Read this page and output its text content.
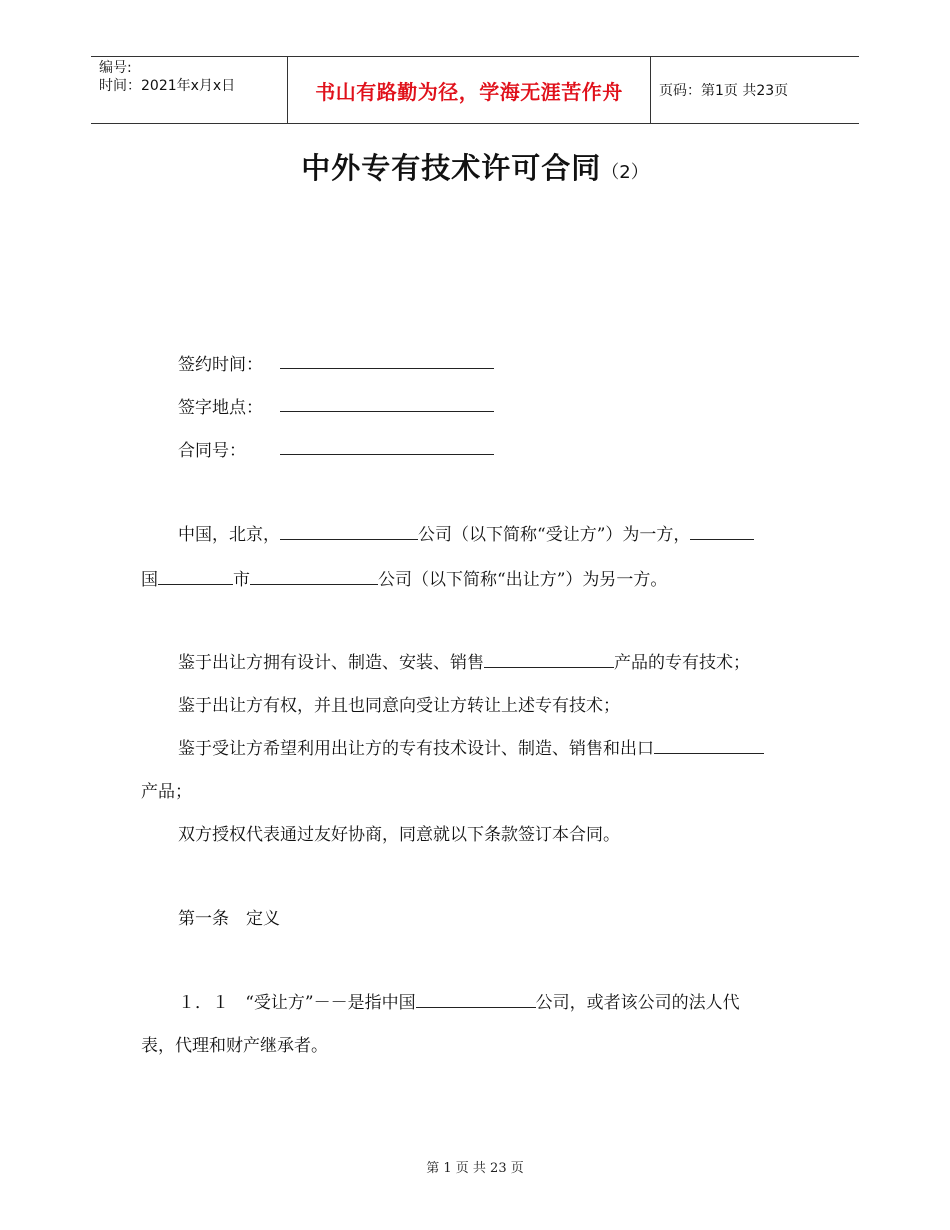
编号:
时间：2021年x月x日	书山有路勤为径，学海无涯苦作舟	页码：第1页 共23页
中外专有技术许可合同（2）
签约时间：
签字地点：
合同号：
中国，北京，	公司（以下简称“受让方”）为一方，
国	市	公司（以下简称“出让方”）为另一方。
鉴于出让方拥有设计、制造、安装、销售	产品的专有技术；
鉴于出让方有权，并且也同意向受让方转让上述专有技术；
鉴于受让方希望利用出让方的专有技术设计、制造、销售和出口
产品；
双方授权代表通过友好协商，同意就以下条款签订本合同。
第一条　定义
１．１ “受让方”－－是指中国	公司，或者该公司的法人代
表，代理和财产继承者。
第 1 页 共 23 页
